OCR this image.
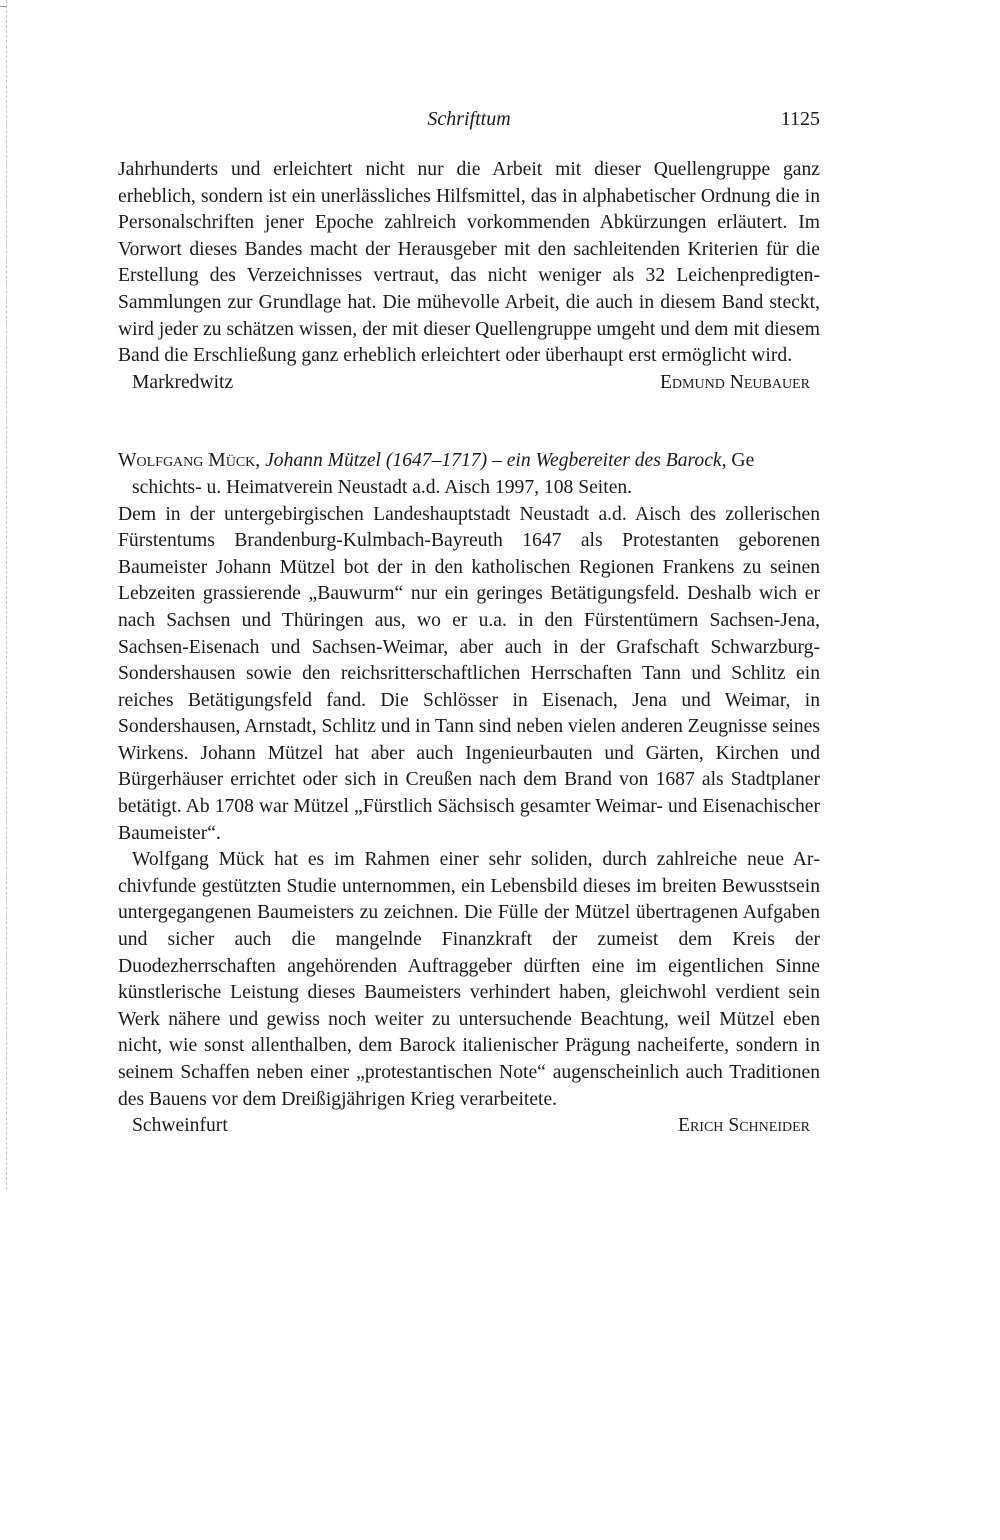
Schrifttum	1125

Jahrhunderts und erleichtert nicht nur die Arbeit mit dieser Quellengruppe ganz erheblich, sondern ist ein unerlässliches Hilfsmittel, das in alphabetischer Ordnung die in Personalschriften jener Epoche zahlreich vorkommenden Abkürzungen erläutert. Im Vorwort dieses Bandes macht der Herausgeber mit den sachleitenden Kriterien für die Erstellung des Verzeichnisses vertraut, das nicht weniger als 32 Leichenpredigten-Sammlungen zur Grundlage hat. Die mühevolle Arbeit, die auch in diesem Band steckt, wird jeder zu schätzen wissen, der mit dieser Quellengruppe umgeht und dem mit diesem Band die Erschließung ganz erheblich erleichtert oder überhaupt erst ermöglicht wird.

Markredwitz	Edmund Neubauer

Wolfgang Mück, Johann Mützel (1647–1717) – ein Wegbereiter des Barock, Ge

schichts- u. Heimatverein Neustadt a.d. Aisch 1997, 108 Seiten.

Dem in der untergebirgischen Landeshauptstadt Neustadt a.d. Aisch des zollerischen Fürstentums Brandenburg-Kulmbach-Bayreuth 1647 als Protestanten geborenen Baumeister Johann Mützel bot der in den katholischen Regionen Frankens zu seinen Lebzeiten grassierende „Bauwurm“ nur ein geringes Betätigungsfeld. Deshalb wich er nach Sachsen und Thüringen aus, wo er u.a. in den Fürstentümern Sachsen-Jena, Sachsen-Eisenach und Sachsen-Weimar, aber auch in der Grafschaft Schwarzburg-Sondershausen sowie den reichsritterschaftlichen Herrschaften Tann und Schlitz ein reiches Betätigungsfeld fand. Die Schlösser in Eisenach, Jena und Weimar, in Sondershausen, Arnstadt, Schlitz und in Tann sind neben vielen anderen Zeugnisse seines Wirkens. Johann Mützel hat aber auch Ingenieurbauten und Gärten, Kirchen und Bürgerhäuser errichtet oder sich in Creußen nach dem Brand von 1687 als Stadtplaner betätigt. Ab 1708 war Mützel „Fürstlich Sächsisch gesamter Weimar- und Eisenachischer Baumeister“.

Wolfgang Mück hat es im Rahmen einer sehr soliden, durch zahlreiche neue Archivfunde gestützten Studie unternommen, ein Lebensbild dieses im breiten Bewusstsein untergegangenen Baumeisters zu zeichnen. Die Fülle der Mützel übertragenen Aufgaben und sicher auch die mangelnde Finanzkraft der zumeist dem Kreis der Duodezherrschaften angehörenden Auftraggeber dürften eine im eigentlichen Sinne künstlerische Leistung dieses Baumeisters verhindert haben, gleichwohl verdient sein Werk nähere und gewiss noch weiter zu untersuchende Beachtung, weil Mützel eben nicht, wie sonst allenthalben, dem Barock italienischer Prägung nacheiferte, sondern in seinem Schaffen neben einer „protestantischen Note“ augenscheinlich auch Traditionen des Bauens vor dem Dreißigjährigen Krieg verarbeitete.

Schweinfurt	Erich Schneider
